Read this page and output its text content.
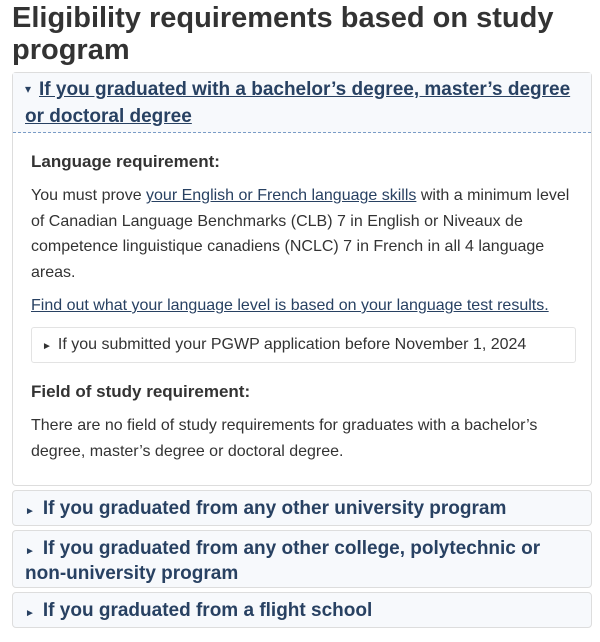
Eligibility requirements based on study program
▾ If you graduated with a bachelor’s degree, master’s degree or doctoral degree
Language requirement:

You must prove your English or French language skills with a minimum level of Canadian Language Benchmarks (CLB) 7 in English or Niveaux de competence linguistique canadiens (NCLC) 7 in French in all 4 language areas.

Find out what your language level is based on your language test results.

► If you submitted your PGWP application before November 1, 2024
Field of study requirement:

There are no field of study requirements for graduates with a bachelor’s degree, master’s degree or doctoral degree.

► If you graduated from any other university program
► If you graduated from any other college, polytechnic or non-university program
► If you graduated from a flight school
